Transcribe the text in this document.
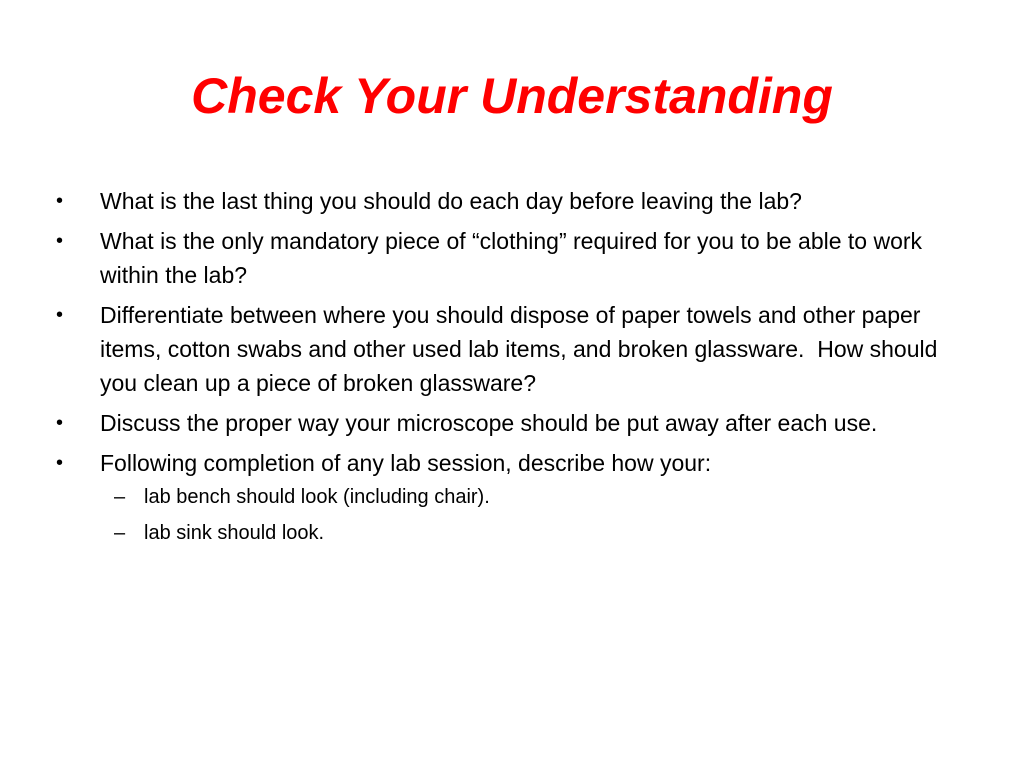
Check Your Understanding
•	What is the last thing you should do each day before leaving the lab?
•	What is the only mandatory piece of “clothing” required for you to be able to work within the lab?
•	Differentiate between where you should dispose of paper towels and other paper items, cotton swabs and other used lab items, and broken glassware.  How should you clean up a piece of broken glassware?
•	Discuss the proper way your microscope should be put away after each use.
•	Following completion of any lab session, describe how your:
– lab bench should look (including chair).
– lab sink should look.
